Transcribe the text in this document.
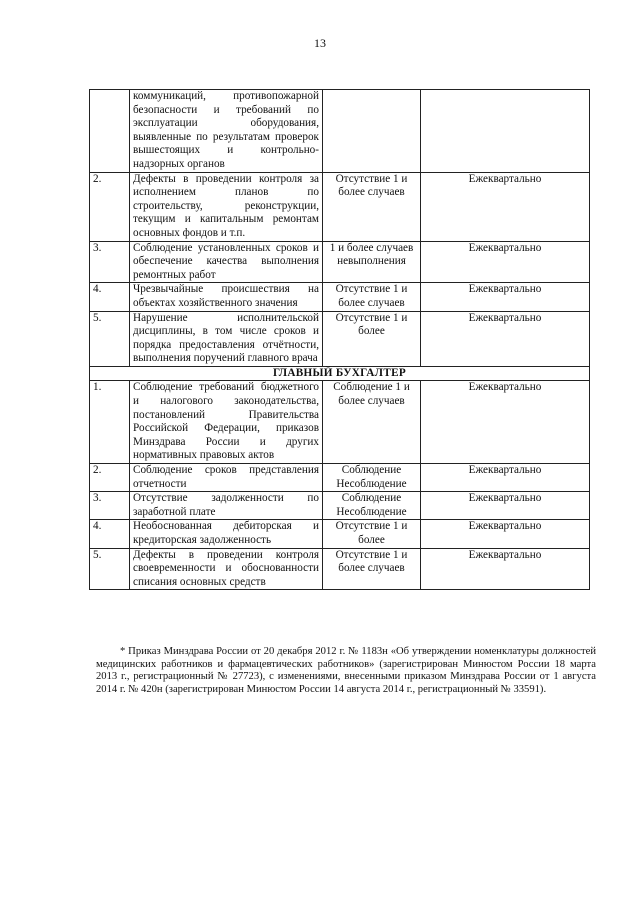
13
	коммуникаций, противопожарной безопасности и требований по эксплуатации оборудования, выявленные по результатам проверок вышестоящих и контрольно-надзорных органов		
2.	Дефекты в проведении контроля за исполнением планов по строительству, реконструкции, текущим и капитальным ремонтам основных фондов и т.п.	Отсутствие 1 и более случаев	Ежеквартально
3.	Соблюдение установленных сроков и обеспечение качества выполнения ремонтных работ	1 и более случаев невыполнения	Ежеквартально
4.	Чрезвычайные происшествия на объектах хозяйственного значения	Отсутствие 1 и более случаев	Ежеквартально
5.	Нарушение исполнительской дисциплины, в том числе сроков и порядка предоставления отчётности, выполнения поручений главного врача	Отсутствие 1 и более	Ежеквартально
ГЛАВНЫЙ БУХГАЛТЕР			
1.	Соблюдение требований бюджетного и налогового законодательства, постановлений Правительства Российской Федерации, приказов Минздрава России и других нормативных правовых актов	Соблюдение 1 и более случаев	Ежеквартально
2.	Соблюдение сроков представления отчетности	Соблюдение Несоблюдение	Ежеквартально
3.	Отсутствие задолженности по заработной плате	Соблюдение Несоблюдение	Ежеквартально
4.	Необоснованная дебиторская и кредиторская задолженность	Отсутствие 1 и более	Ежеквартально
5.	Дефекты в проведении контроля своевременности и обоснованности списания основных средств	Отсутствие 1 и более случаев	Ежеквартально
* Приказ Минздрава России от 20 декабря 2012 г. № 1183н «Об утверждении номенклатуры должностей медицинских работников и фармацевтических работников» (зарегистрирован Минюстом России 18 марта 2013 г., регистрационный № 27723), с изменениями, внесенными приказом Минздрава России от 1 августа 2014 г. № 420н (зарегистрирован Минюстом России 14 августа 2014 г., регистрационный № 33591).
